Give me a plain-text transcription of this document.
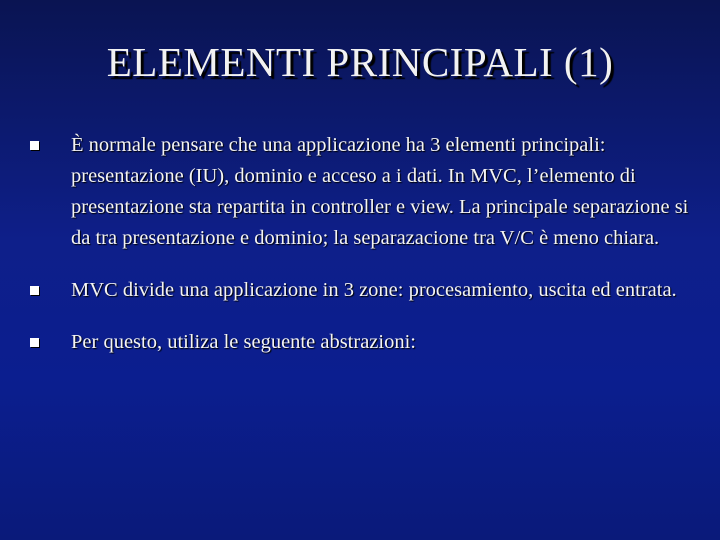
ELEMENTI PRINCIPALI (1)
È normale pensare che una applicazione ha 3 elementi principali: presentazione (IU), dominio e acceso a i dati. In MVC, l’elemento di presentazione sta repartita in controller e view. La principale separazione si da tra presentazione e dominio; la separazacione tra V/C è meno chiara.
MVC divide una applicazione in 3 zone: procesamiento, uscita ed entrata.
Per questo, utiliza le seguente abstrazioni:
